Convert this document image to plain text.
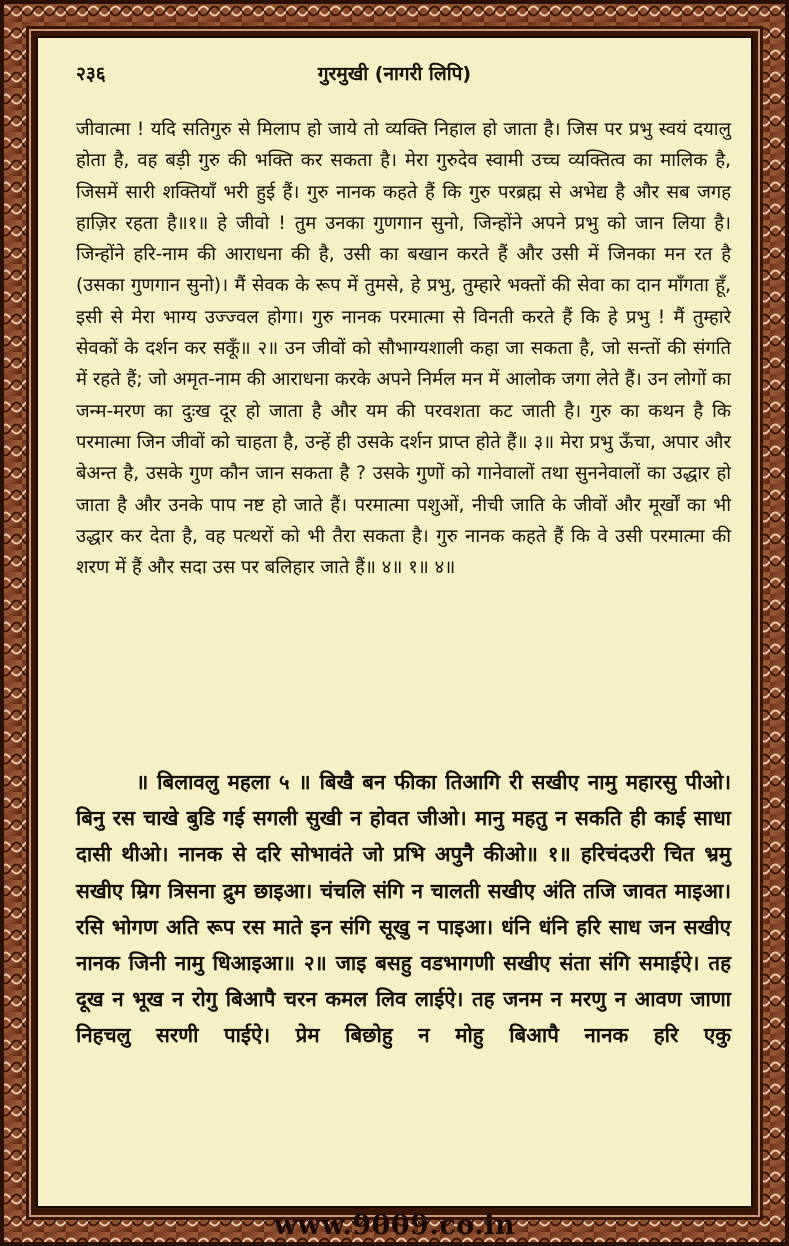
२३६	गुरमुखी (नागरी लिपि)

जीवात्मा ! यदि सतिगुरु से मिलाप हो जाये तो व्यक्ति निहाल हो जाता है। जिस पर प्रभु स्वयं दयालु होता है, वह बड़ी गुरु की भक्ति कर सकता है। मेरा गुरुदेव स्वामी उच्च व्यक्तित्व का मालिक है, जिसमें सारी शक्तियाँ भरी हुई हैं। गुरु नानक कहते हैं कि गुरु परब्रह्म से अभेद्य है और सब जगह हाज़िर रहता है॥१॥ हे जीवो ! तुम उनका गुणगान सुनो, जिन्होंने अपने प्रभु को जान लिया है। जिन्होंने हरि-नाम की आराधना की है, उसी का बखान करते हैं और उसी में जिनका मन रत है (उसका गुणगान सुनो)। मैं सेवक के रूप में तुमसे, हे प्रभु, तुम्हारे भक्तों की सेवा का दान माँगता हूँ, इसी से मेरा भाग्य उज्ज्वल होगा। गुरु नानक परमात्मा से विनती करते हैं कि हे प्रभु ! मैं तुम्हारे सेवकों के दर्शन कर सकूँ॥ २॥ उन जीवों को सौभाग्यशाली कहा जा सकता है, जो सन्तों की संगति में रहते हैं; जो अमृत-नाम की आराधना करके अपने निर्मल मन में आलोक जगा लेते हैं। उन लोगों का जन्म-मरण का दुःख दूर हो जाता है और यम की परवशता कट जाती है। गुरु का कथन है कि परमात्मा जिन जीवों को चाहता है, उन्हें ही उसके दर्शन प्राप्त होते हैं॥ ३॥ मेरा प्रभु ऊँचा, अपार और बेअन्त है, उसके गुण कौन जान सकता है ? उसके गुणों को गानेवालों तथा सुननेवालों का उद्धार हो जाता है और उनके पाप नष्ट हो जाते हैं। परमात्मा पशुओं, नीची जाति के जीवों और मूर्खों का भी उद्धार कर देता है, वह पत्थरों को भी तैरा सकता है। गुरु नानक कहते हैं कि वे उसी परमात्मा की शरण में हैं और सदा उस पर बलिहार जाते हैं॥ ४॥ १॥ ४॥

॥ बिलावलु महला ५ ॥ बिखै बन फीका तिआगि री सखीए नामु महारसु पीओ। बिनु रस चाखे बुडि गई सगली सुखी न होवत जीओ। मानु महतु न सकति ही काई साधा दासी थीओ। नानक से दरि सोभावंते जो प्रभि अपुनै कीओ॥ १॥ हरिचंदउरी चित भ्रमु सखीए म्रिग त्रिसना द्रुम छाइआ। चंचलि संगि न चालती सखीए अंति तजि जावत माइआ। रसि भोगण अति रूप रस माते इन संगि सूखु न पाइआ। धंनि धंनि हरि साध जन सखीए नानक जिनी नामु धिआइआ॥ २॥ जाइ बसहु वडभागणी सखीए संता संगि समाईऐ। तह दूख न भूख न रोगु बिआपै चरन कमल लिव लाईऐ। तह जनम न मरणु न आवण जाणा निहचलु सरणी पाईऐ। प्रेम बिछोहु न मोहु बिआपै नानक हरि एकु

www.9009.co.in
